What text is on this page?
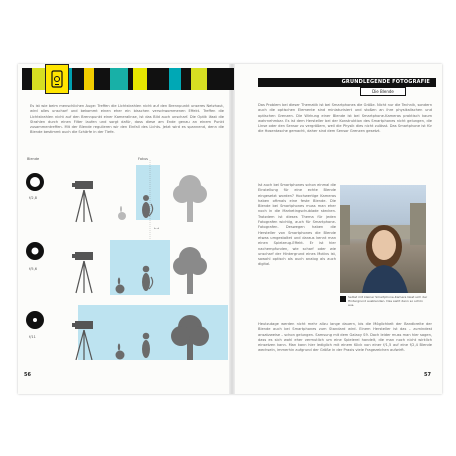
GRUNDLEGENDE FOTOGRAFIE
Die Blende
Es ist wie beim menschlichen Auge: Treffen die Lichtstrahlen nicht auf den Brennpunkt unseres Netzhaut, wird alles unscharf und bekommt einen eher ein bisschen verschwommenen Effekt. Treffen die Lichtstrahlen nicht auf den Brennpunkt einer Kameralinse, ist das Bild auch unscharf. Die Optik lässt die Strahlen durch einen Filter laufen und sorgt dafür, dass diese am Ende genau an einem Punkt zusammentreffen. Mit der Blende regulieren wir den Einfall des Lichts. Jetzt wird es spannend, denn die Blende bestimmt auch die Schärfe in der Tiefe.
Blende	Fokus
f/2,8
f/5,6
f/11
←→
56
Das Problem bei dieser Thematik ist bei Smartphones die Größe. Nicht nur die Technik, sondern auch die optischen Elemente sind miniaturisiert und stoßen an ihre physikalischen und optischen Grenzen. Die Wirkung einer Blende ist bei Smartphone-Kameras praktisch kaum wahrnehmbar. Es ist dem Hersteller bei der Konstruktion des Smartphones nicht gelungen, die Linse oder den Sensor zu vergrößern, weil die Physik dies nicht zulässt. Das Smartphone ist für die Hosentasche gemacht, daher sind dem Sensor Grenzen gesetzt.
Ist auch bei Smartphones schon einmal die Einstellung für eine echte Blende eingesetzt worden? Hochwertige Kameras haben oftmals eine feste Blende. Die Blende bei Smartphones muss man eher noch in die Marketingschublade stecken. Trotzdem ist dieses Thema für jeden Fotografen wichtig, auch für Smartphone-Fotografen. Deswegen haben die Hersteller von Smartphones die Blende etwas umgestaltet und daraus kennt man einen Spielzeug-Effekt. Er ist hier nachempfunden, wie scharf oder wie unscharf der Hintergrund eines Motivs ist, sowohl optisch als auch analog als auch digital.
Selbst mit kleiner Smartphone-Kamera lässt sich der Hintergrund ausblenden. Das sieht dann so schön aus.
Heutzutage werden nicht mehr allzu lange dauern, bis die Möglichkeit der Bandbreite der Blende auch bei Smartphones zum Standard wird. Einem Hersteller ist das – zumindest ansatzweise – schon gelungen. Samsung mit dem Galaxy S9. Doch leider muss man hier sagen, dass es sich wohl eher vermutlich um eine Spielerei handelt, die man noch nicht wirklich einsetzen kann. Man kann hier lediglich mit einem Klick von einer f/1,5 auf eine f/2,4 Blende wechseln, immerhin aufgrund der Größe in der Praxis viele Fragezeichen aufwirft.
57
